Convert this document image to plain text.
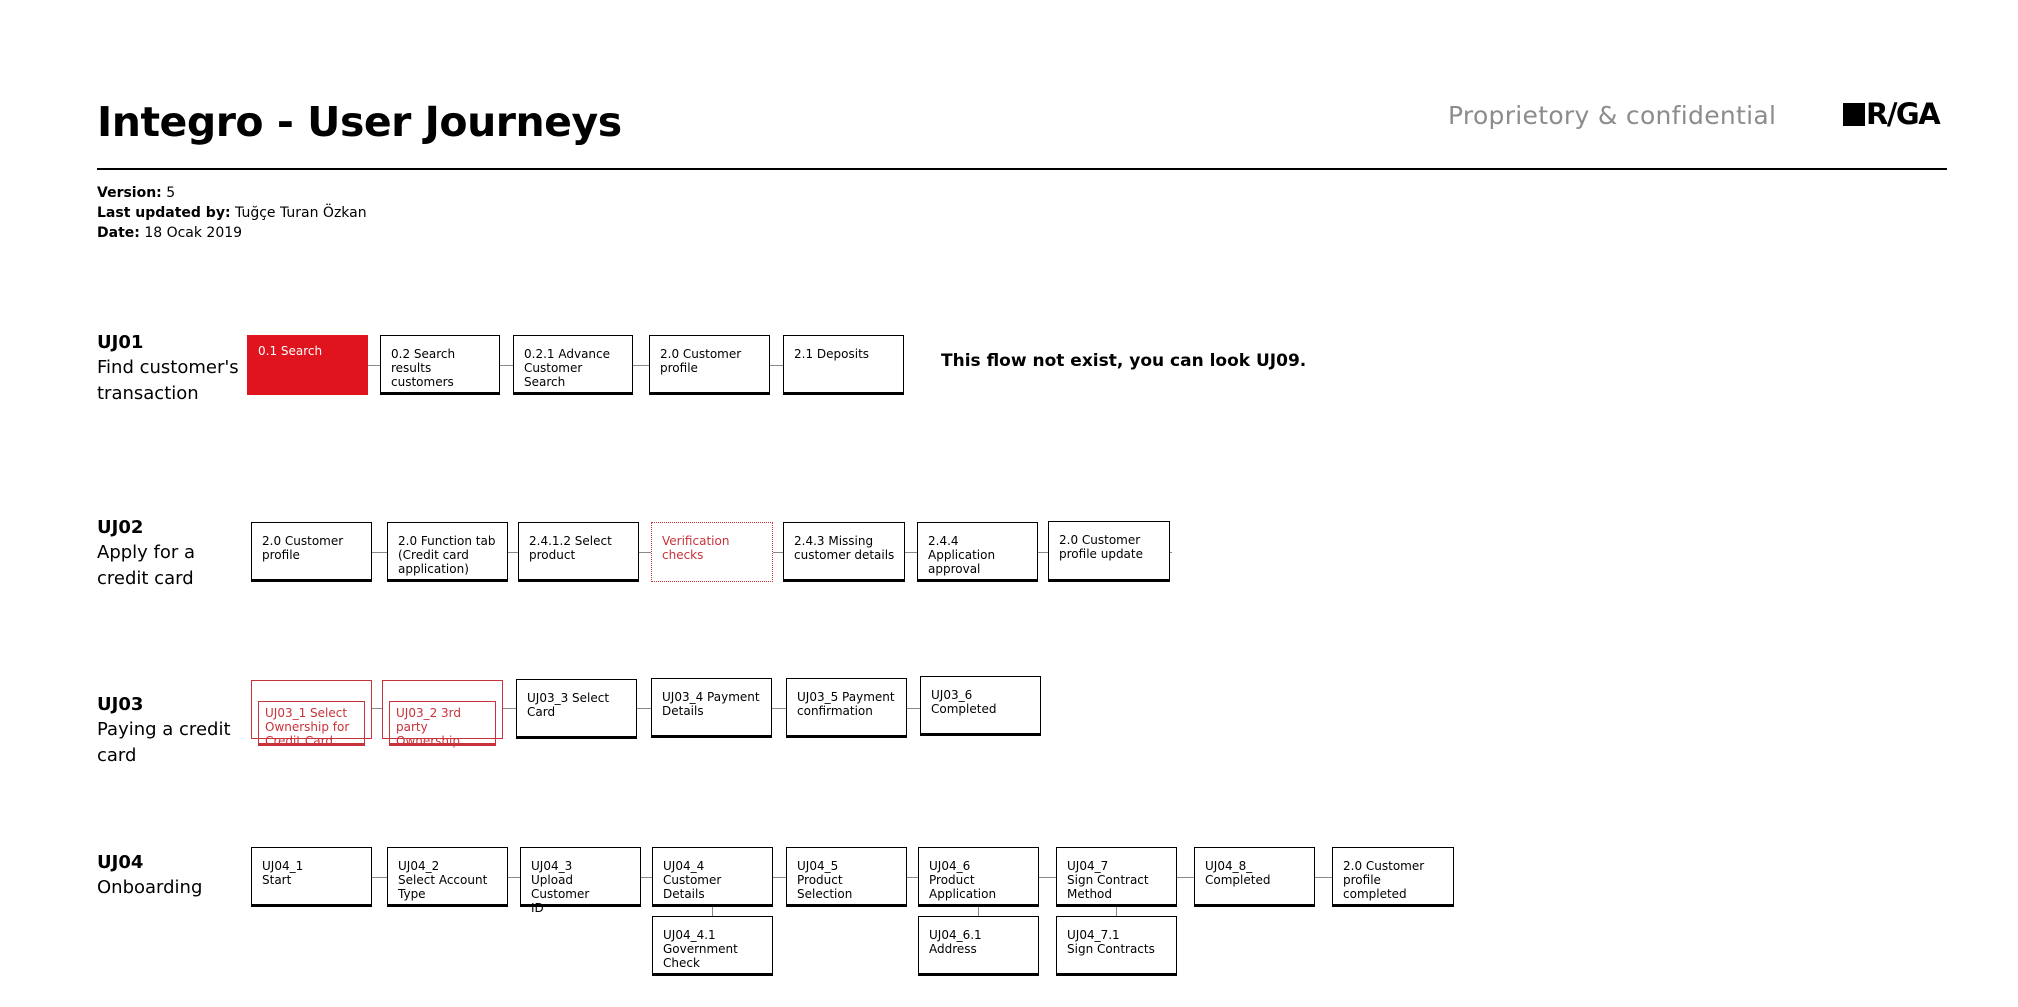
Integro - User Journeys	Proprietory & confidential	R/GA
Version: 5
Last updated by: Tuğçe Turan Özkan
Date: 18 Ocak 2019
UJ01
Find customer's
transaction
0.1 Search	0.2 Search
results
customers
0.2.1 Advance
Customer Search
2.0 Customer
profile
2.1 Deposits	This flow not exist, you can look UJ09.
UJ02
Apply for a
credit card
2.0 Customer
profile
2.0 Function tab
(Credit card
application)
2.4.1.2 Select
product
Verification
checks
2.4.3 Missing
customer details
2.4.4 Application
approval
2.0 Customer
profile update
UJ03
Paying a credit
card

UJ03_1 Select
Ownership for
Credit Card

UJ03_2 3rd
party
Ownership

UJ03_3 Select
Card
UJ03_4 Payment
Details
UJ03_5 Payment
confirmation
UJ03_6
Completed
UJ04
Onboarding
UJ04_1
Start
UJ04_2
Select Account
Type
UJ04_3
Upload Customer
ID
UJ04_4
Customer Details
UJ04_5
Product
Selection
UJ04_6
Product
Application
UJ04_7
Sign Contract
Method
UJ04_8_
Completed
2.0 Customer
profile completed
UJ04_4.1
Government
Check
UJ04_6.1
Address
UJ04_7.1
Sign Contracts
